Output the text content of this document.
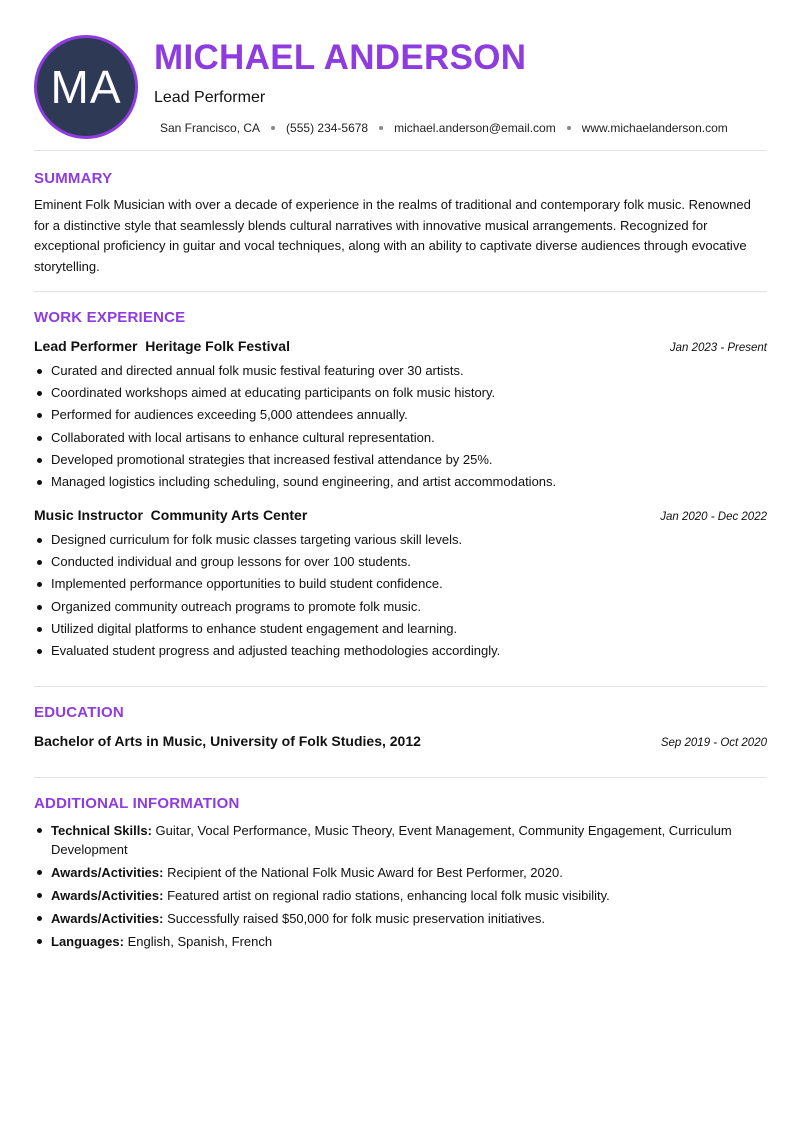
MA
MICHAEL ANDERSON
Lead Performer
San Francisco, CA (555) 234-5678 michael.anderson@email.com www.michaelanderson.com
SUMMARY
Eminent Folk Musician with over a decade of experience in the realms of traditional and contemporary folk music. Renowned for a distinctive style that seamlessly blends cultural narratives with innovative musical arrangements. Recognized for exceptional proficiency in guitar and vocal techniques, along with an ability to captivate diverse audiences through evocative storytelling.
WORK EXPERIENCE
Lead Performer  Heritage Folk Festival	Jan 2023 - Present
Curated and directed annual folk music festival featuring over 30 artists.
Coordinated workshops aimed at educating participants on folk music history.
Performed for audiences exceeding 5,000 attendees annually.
Collaborated with local artisans to enhance cultural representation.
Developed promotional strategies that increased festival attendance by 25%.
Managed logistics including scheduling, sound engineering, and artist accommodations.
Music Instructor  Community Arts Center	Jan 2020 - Dec 2022
Designed curriculum for folk music classes targeting various skill levels.
Conducted individual and group lessons for over 100 students.
Implemented performance opportunities to build student confidence.
Organized community outreach programs to promote folk music.
Utilized digital platforms to enhance student engagement and learning.
Evaluated student progress and adjusted teaching methodologies accordingly.
EDUCATION
Bachelor of Arts in Music, University of Folk Studies, 2012	Sep 2019 - Oct 2020
ADDITIONAL INFORMATION
Technical Skills: Guitar, Vocal Performance, Music Theory, Event Management, Community Engagement, Curriculum Development
Awards/Activities: Recipient of the National Folk Music Award for Best Performer, 2020.
Awards/Activities: Featured artist on regional radio stations, enhancing local folk music visibility.
Awards/Activities: Successfully raised $50,000 for folk music preservation initiatives.
Languages: English, Spanish, French
